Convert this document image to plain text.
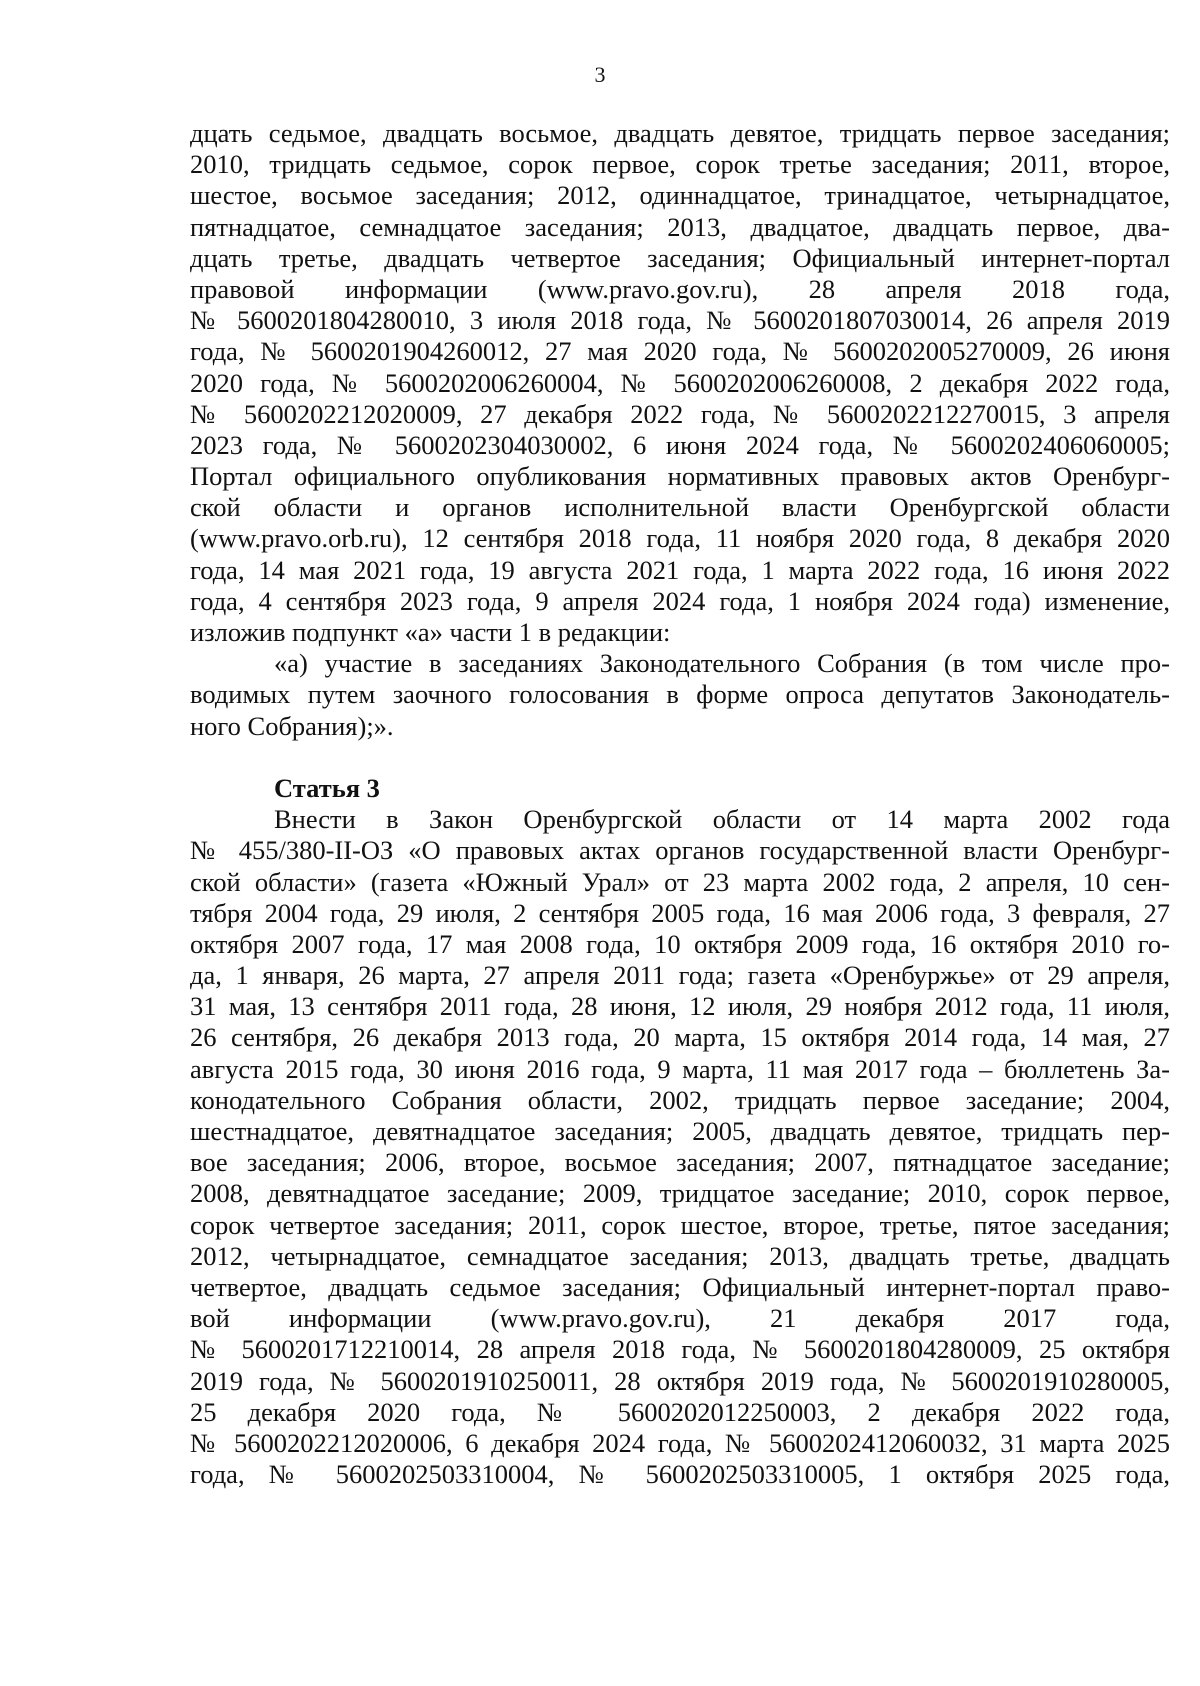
3
дцать седьмое, двадцать восьмое, двадцать девятое, тридцать первое заседания;
2010, тридцать седьмое, сорок первое, сорок третье заседания; 2011, второе,
шестое, восьмое заседания; 2012, одиннадцатое, тринадцатое, четырнадцатое,
пятнадцатое, семнадцатое заседания; 2013, двадцатое, двадцать первое, два-
дцать третье, двадцать четвертое заседания; Официальный интернет-портал
правовой информации (www.pravo.gov.ru), 28 апреля 2018 года,
№ 5600201804280010, 3 июля 2018 года, № 5600201807030014, 26 апреля 2019
года, № 5600201904260012, 27 мая 2020 года, № 5600202005270009, 26 июня
2020 года, № 5600202006260004, № 5600202006260008, 2 декабря 2022 года,
№ 5600202212020009, 27 декабря 2022 года, № 5600202212270015, 3 апреля
2023 года, № 5600202304030002, 6 июня 2024 года, № 5600202406060005;
Портал официального опубликования нормативных правовых актов Оренбург-
ской области и органов исполнительной власти Оренбургской области
(www.pravo.orb.ru), 12 сентября 2018 года, 11 ноября 2020 года, 8 декабря 2020
года, 14 мая 2021 года, 19 августа 2021 года, 1 марта 2022 года, 16 июня 2022
года, 4 сентября 2023 года, 9 апреля 2024 года, 1 ноября 2024 года) изменение,
изложив подпункт «а» части 1 в редакции:
«а) участие в заседаниях Законодательного Собрания (в том числе про-
водимых путем заочного голосования в форме опроса депутатов Законодатель-
ного Собрания);».
Статья 3
Внести в Закон Оренбургской области от 14 марта 2002 года
№ 455/380-II-ОЗ «О правовых актах органов государственной власти Оренбург-
ской области» (газета «Южный Урал» от 23 марта 2002 года, 2 апреля, 10 сен-
тября 2004 года, 29 июля, 2 сентября 2005 года, 16 мая 2006 года, 3 февраля, 27
октября 2007 года, 17 мая 2008 года, 10 октября 2009 года, 16 октября 2010 го-
да, 1 января, 26 марта, 27 апреля 2011 года; газета «Оренбуржье» от 29 апреля,
31 мая, 13 сентября 2011 года, 28 июня, 12 июля, 29 ноября 2012 года, 11 июля,
26 сентября, 26 декабря 2013 года, 20 марта, 15 октября 2014 года, 14 мая, 27
августа 2015 года, 30 июня 2016 года, 9 марта, 11 мая 2017 года – бюллетень За-
конодательного Собрания области, 2002, тридцать первое заседание; 2004,
шестнадцатое, девятнадцатое заседания; 2005, двадцать девятое, тридцать пер-
вое заседания; 2006, второе, восьмое заседания; 2007, пятнадцатое заседание;
2008, девятнадцатое заседание; 2009, тридцатое заседание; 2010, сорок первое,
сорок четвертое заседания; 2011, сорок шестое, второе, третье, пятое заседания;
2012, четырнадцатое, семнадцатое заседания; 2013, двадцать третье, двадцать
четвертое, двадцать седьмое заседания; Официальный интернет-портал право-
вой информации (www.pravo.gov.ru), 21 декабря 2017 года,
№ 5600201712210014, 28 апреля 2018 года, № 5600201804280009, 25 октября
2019 года, № 5600201910250011, 28 октября 2019 года, № 5600201910280005,
25 декабря 2020 года, № 5600202012250003, 2 декабря 2022 года,
№ 5600202212020006, 6 декабря 2024 года, № 5600202412060032, 31 марта 2025
года, № 5600202503310004, № 5600202503310005, 1 октября 2025 года,
